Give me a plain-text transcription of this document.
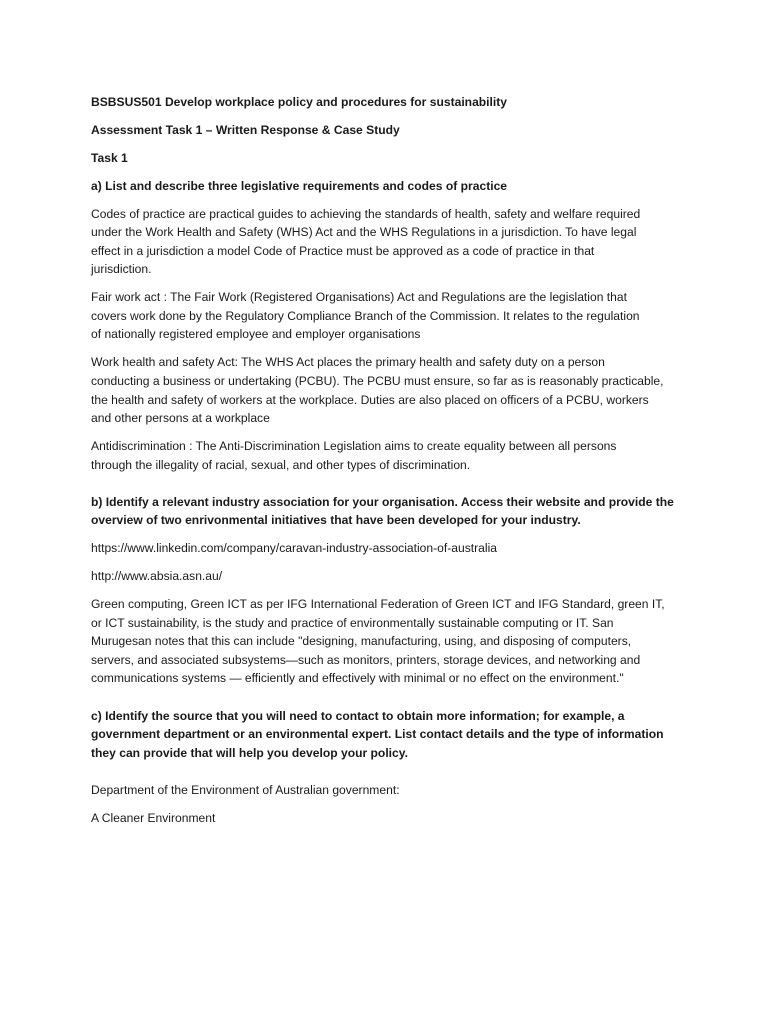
BSBSUS501 Develop workplace policy and procedures for sustainability

Assessment Task 1 – Written Response & Case Study

Task 1

a) List and describe three legislative requirements and codes of practice

Codes of practice are practical guides to achieving the standards of health, safety and welfare required
under the Work Health and Safety (WHS) Act and the WHS Regulations in a jurisdiction. To have legal
effect in a jurisdiction a model Code of Practice must be approved as a code of practice in that
jurisdiction.

Fair work act : The Fair Work (Registered Organisations) Act and Regulations are the legislation that
covers work done by the Regulatory Compliance Branch of the Commission. It relates to the regulation
of nationally registered employee and employer organisations

Work health and safety Act: The WHS Act places the primary health and safety duty on a person
conducting a business or undertaking (PCBU). The PCBU must ensure, so far as is reasonably practicable,
the health and safety of workers at the workplace. Duties are also placed on officers of a PCBU, workers
and other persons at a workplace

Antidiscrimination : The Anti-Discrimination Legislation aims to create equality between all persons
through the illegality of racial, sexual, and other types of discrimination.

b) Identify a relevant industry association for your organisation. Access their website and provide the
overview of two enrivonmental initiatives that have been developed for your industry.

https://www.linkedin.com/company/caravan-industry-association-of-australia

http://www.absia.asn.au/

Green computing, Green ICT as per IFG International Federation of Green ICT and IFG Standard, green IT,
or ICT sustainability, is the study and practice of environmentally sustainable computing or IT. San
Murugesan notes that this can include "designing, manufacturing, using, and disposing of computers,
servers, and associated subsystems—such as monitors, printers, storage devices, and networking and
communications systems — efficiently and effectively with minimal or no effect on the environment."

c) Identify the source that you will need to contact to obtain more information; for example, a
government department or an environmental expert. List contact details and the type of information
they can provide that will help you develop your policy.

Department of the Environment of Australian government:

A Cleaner Environment
